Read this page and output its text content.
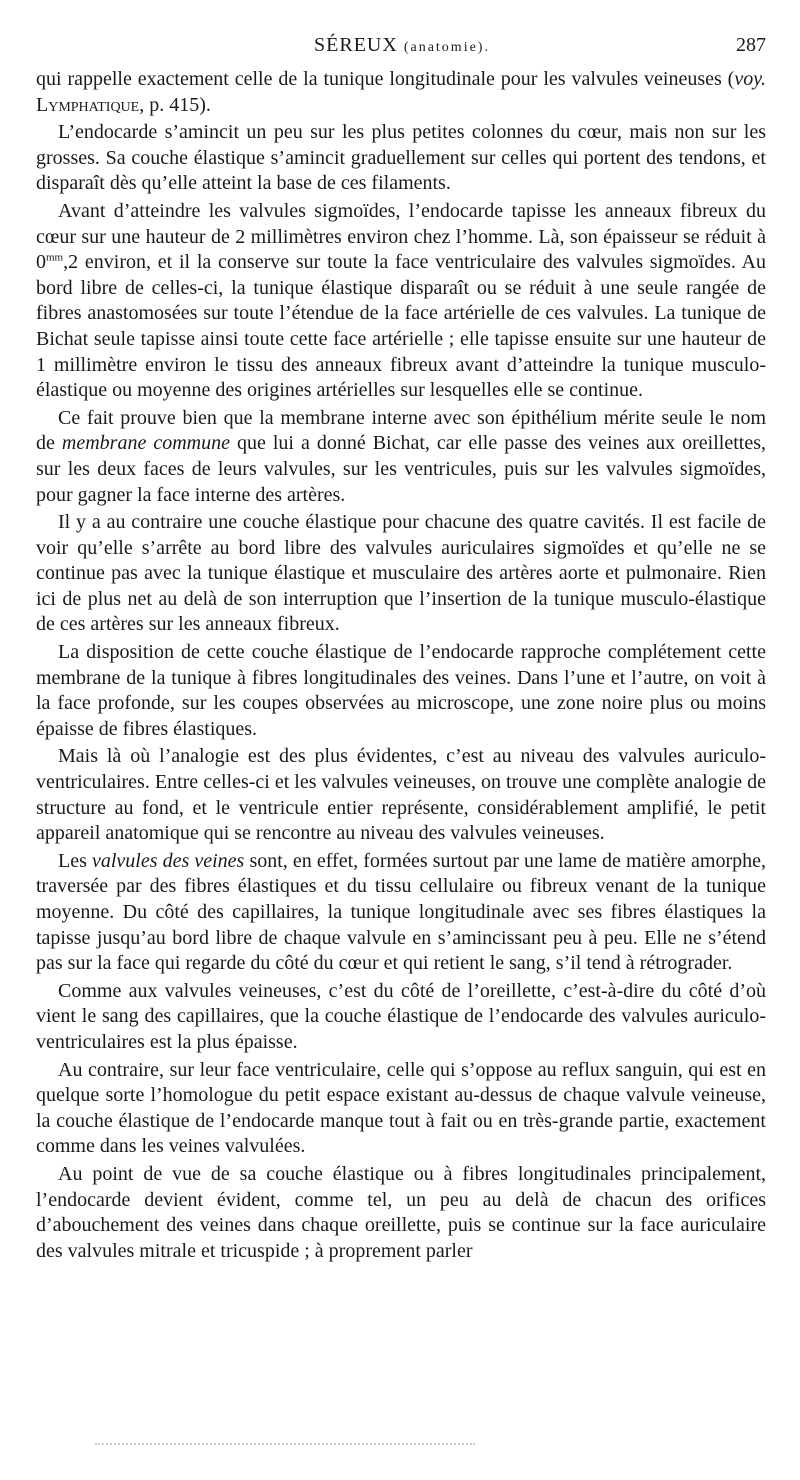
SÉREUX (anatomie).	287

qui rappelle exactement celle de la tunique longitudinale pour les valvules veineuses (voy. Lymphatique, p. 415).

L’endocarde s’amincit un peu sur les plus petites colonnes du cœur, mais non sur les grosses. Sa couche élastique s’amincit graduellement sur celles qui portent des tendons, et disparaît dès qu’elle atteint la base de ces filaments.

Avant d’atteindre les valvules sigmoïdes, l’endocarde tapisse les anneaux fibreux du cœur sur une hauteur de 2 millimètres environ chez l’homme. Là, son épaisseur se réduit à $0^{mm},2$ environ, et il la conserve sur toute la face ventriculaire des valvules sigmoïdes. Au bord libre de celles-ci, la tunique élastique disparaît ou se réduit à une seule rangée de fibres anastomosées sur toute l’étendue de la face artérielle de ces valvules. La tunique de Bichat seule tapisse ainsi toute cette face artérielle ; elle tapisse ensuite sur une hauteur de 1 millimètre environ le tissu des anneaux fibreux avant d’atteindre la tunique musculo-élastique ou moyenne des origines artérielles sur lesquelles elle se continue.

Ce fait prouve bien que la membrane interne avec son épithélium mérite seule le nom de membrane commune que lui a donné Bichat, car elle passe des veines aux oreillettes, sur les deux faces de leurs valvules, sur les ventricules, puis sur les valvules sigmoïdes, pour gagner la face interne des artères.

Il y a au contraire une couche élastique pour chacune des quatre cavités. Il est facile de voir qu’elle s’arrête au bord libre des valvules auriculaires sigmoïdes et qu’elle ne se continue pas avec la tunique élastique et musculaire des artères aorte et pulmonaire. Rien ici de plus net au delà de son interruption que l’insertion de la tunique musculo-élastique de ces artères sur les anneaux fibreux.

La disposition de cette couche élastique de l’endocarde rapproche complétement cette membrane de la tunique à fibres longitudinales des veines. Dans l’une et l’autre, on voit à la face profonde, sur les coupes observées au microscope, une zone noire plus ou moins épaisse de fibres élastiques.

Mais là où l’analogie est des plus évidentes, c’est au niveau des valvules auriculo-ventriculaires. Entre celles-ci et les valvules veineuses, on trouve une complète analogie de structure au fond, et le ventricule entier représente, considérablement amplifié, le petit appareil anatomique qui se rencontre au niveau des valvules veineuses.

Les valvules des veines sont, en effet, formées surtout par une lame de matière amorphe, traversée par des fibres élastiques et du tissu cellulaire ou fibreux venant de la tunique moyenne. Du côté des capillaires, la tunique longitudinale avec ses fibres élastiques la tapisse jusqu’au bord libre de chaque valvule en s’amincissant peu à peu. Elle ne s’étend pas sur la face qui regarde du côté du cœur et qui retient le sang, s’il tend à rétrograder.

Comme aux valvules veineuses, c’est du côté de l’oreillette, c’est-à-dire du côté d’où vient le sang des capillaires, que la couche élastique de l’endocarde des valvules auriculo-ventriculaires est la plus épaisse.

Au contraire, sur leur face ventriculaire, celle qui s’oppose au reflux sanguin, qui est en quelque sorte l’homologue du petit espace existant au-dessus de chaque valvule veineuse, la couche élastique de l’endocarde manque tout à fait ou en très-grande partie, exactement comme dans les veines valvulées.

Au point de vue de sa couche élastique ou à fibres longitudinales principalement, l’endocarde devient évident, comme tel, un peu au delà de chacun des orifices d’abouchement des veines dans chaque oreillette, puis se continue sur la face auriculaire des valvules mitrale et tricuspide ; à proprement parler
